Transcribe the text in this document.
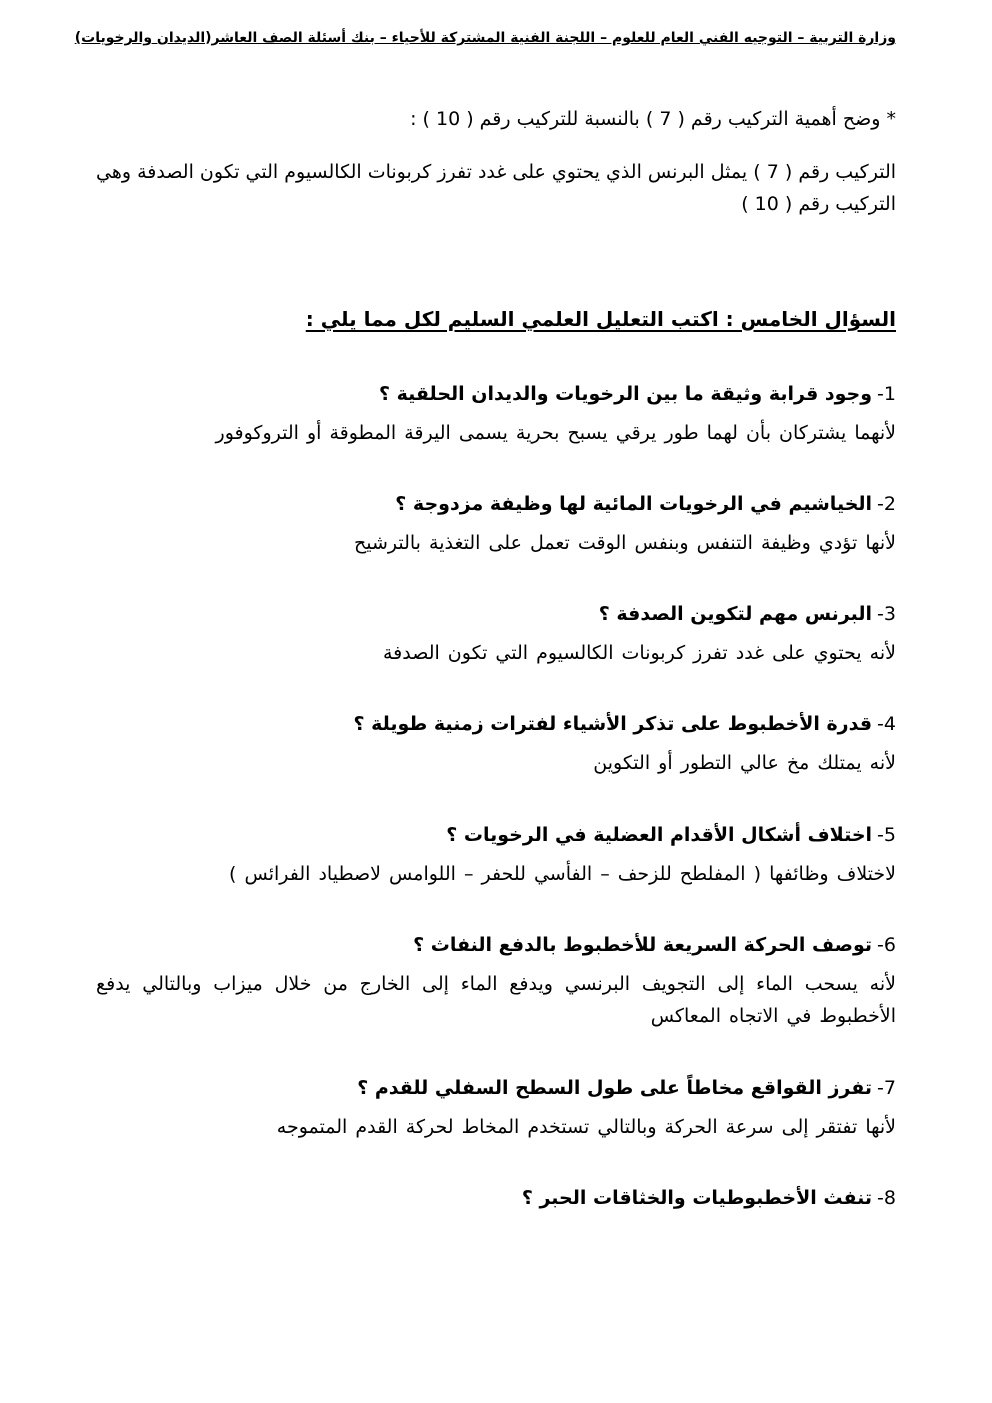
وزارة التربية – التوجيه الفني العام للعلوم – اللجنة الفنية المشتركة للأحياء – بنك أسئلة الصف العاشر(الديدان والرخويات)
* وضح أهمية التركيب رقم ( 7 ) بالنسبة للتركيب رقم ( 10 ) :
التركيب رقم ( 7 ) يمثل البرنس الذي يحتوي على غدد تفرز كربونات الكالسيوم التي تكون الصدفة وهي التركيب رقم ( 10 )
السؤال الخامس : اكتب التعليل العلمي السليم لكل مما يلي :
1-وجود قرابة وثيقة ما بين الرخويات والديدان الحلقية ؟
لأنهما يشتركان بأن لهما طور يرقي يسبح بحرية يسمى اليرقة المطوقة أو التروكوفور
2-الخياشيم في الرخويات المائية لها وظيفة مزدوجة ؟
لأنها تؤدي وظيفة التنفس وبنفس الوقت تعمل على التغذية بالترشيح
3-البرنس مهم لتكوين الصدفة ؟
لأنه يحتوي على غدد تفرز كربونات الكالسيوم التي تكون الصدفة
4-قدرة الأخطبوط على تذكر الأشياء لفترات زمنية طويلة ؟
لأنه يمتلك مخ عالي التطور أو التكوين
5-اختلاف أشكال الأقدام العضلية في الرخويات ؟
لاختلاف وظائفها ( المفلطح للزحف – الفأسي للحفر – اللوامس لاصطياد الفرائس )
6-توصف الحركة السريعة للأخطبوط بالدفع النفاث ؟
لأنه يسحب الماء إلى التجويف البرنسي ويدفع الماء إلى الخارج من خلال ميزاب وبالتالي يدفع الأخطبوط في الاتجاه المعاكس
7-تفرز القواقع مخاطاً على طول السطح السفلي للقدم ؟
لأنها تفتقر إلى سرعة الحركة وبالتالي تستخدم المخاط لحركة القدم المتموجه
8-تنفث الأخطبوطيات والخثاقات الحبر ؟
